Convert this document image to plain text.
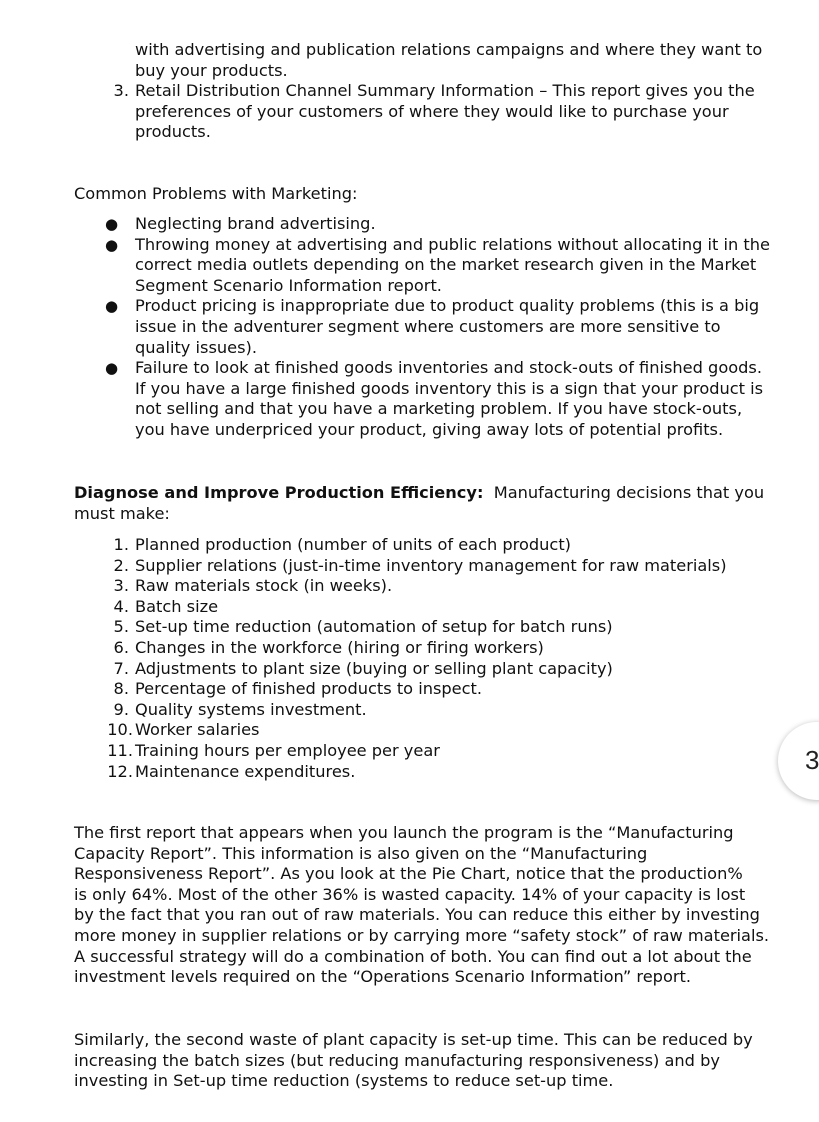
with advertising and publication relations campaigns and where they want to
buy your products.
3. Retail Distribution Channel Summary Information – This report gives you the
preferences of your customers of where they would like to purchase your
products.
Common Problems with Marketing:
● Neglecting brand advertising.
● Throwing money at advertising and public relations without allocating it in the
correct media outlets depending on the market research given in the Market
Segment Scenario Information report.
● Product pricing is inappropriate due to product quality problems (this is a big
issue in the adventurer segment where customers are more sensitive to
quality issues).
● Failure to look at finished goods inventories and stock-outs of finished goods.
If you have a large finished goods inventory this is a sign that your product is
not selling and that you have a marketing problem. If you have stock-outs,
you have underpriced your product, giving away lots of potential profits.
Diagnose and Improve Production Efficiency:  Manufacturing decisions that you
must make:
1. Planned production (number of units of each product)
2. Supplier relations (just-in-time inventory management for raw materials)
3. Raw materials stock (in weeks).
4. Batch size
5. Set-up time reduction (automation of setup for batch runs)
6. Changes in the workforce (hiring or firing workers)
7. Adjustments to plant size (buying or selling plant capacity)
8. Percentage of finished products to inspect.
9. Quality systems investment.
10. Worker salaries
11. Training hours per employee per year
12. Maintenance expenditures.
The first report that appears when you launch the program is the “Manufacturing
Capacity Report”. This information is also given on the “Manufacturing
Responsiveness Report”. As you look at the Pie Chart, notice that the production%
is only 64%. Most of the other 36% is wasted capacity. 14% of your capacity is lost
by the fact that you ran out of raw materials. You can reduce this either by investing
more money in supplier relations or by carrying more “safety stock” of raw materials.
A successful strategy will do a combination of both. You can find out a lot about the
investment levels required on the “Operations Scenario Information” report.
Similarly, the second waste of plant capacity is set-up time. This can be reduced by
increasing the batch sizes (but reducing manufacturing responsiveness) and by
investing in Set-up time reduction (systems to reduce set-up time.
3
